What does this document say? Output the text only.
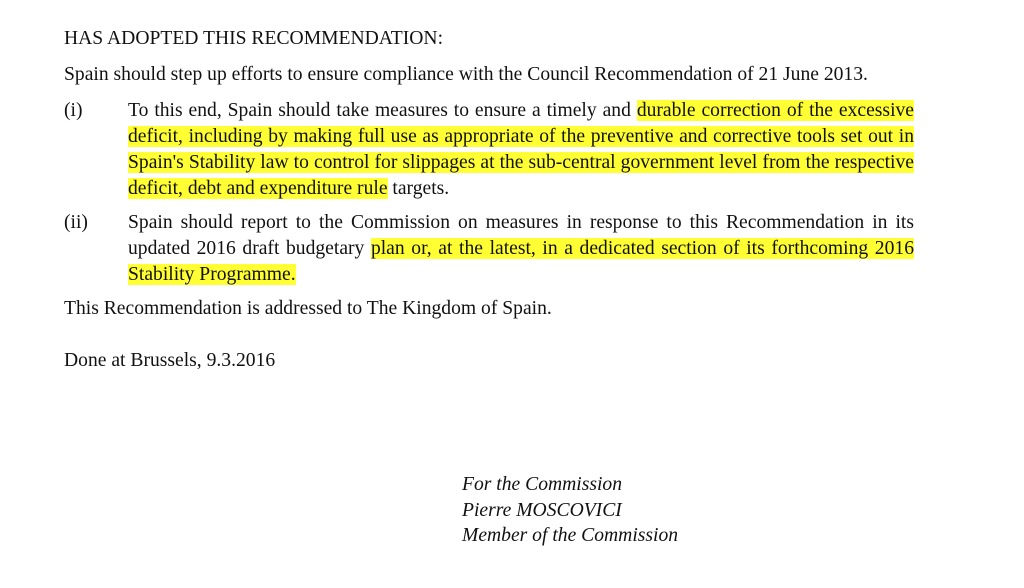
HAS ADOPTED THIS RECOMMENDATION:

Spain should step up efforts to ensure compliance with the Council Recommendation of 21 June 2013.

(i) To this end, Spain should take measures to ensure a timely and durable correction of the excessive deficit, including by making full use as appropriate of the preventive and corrective tools set out in Spain's Stability law to control for slippages at the sub-central government level from the respective deficit, debt and expenditure rule targets.
(ii) Spain should report to the Commission on measures in response to this Recommendation in its updated 2016 draft budgetary plan or, at the latest, in a dedicated section of its forthcoming 2016 Stability Programme.

This Recommendation is addressed to The Kingdom of Spain.

Done at Brussels, 9.3.2016

For the Commission
Pierre MOSCOVICI
Member of the Commission
